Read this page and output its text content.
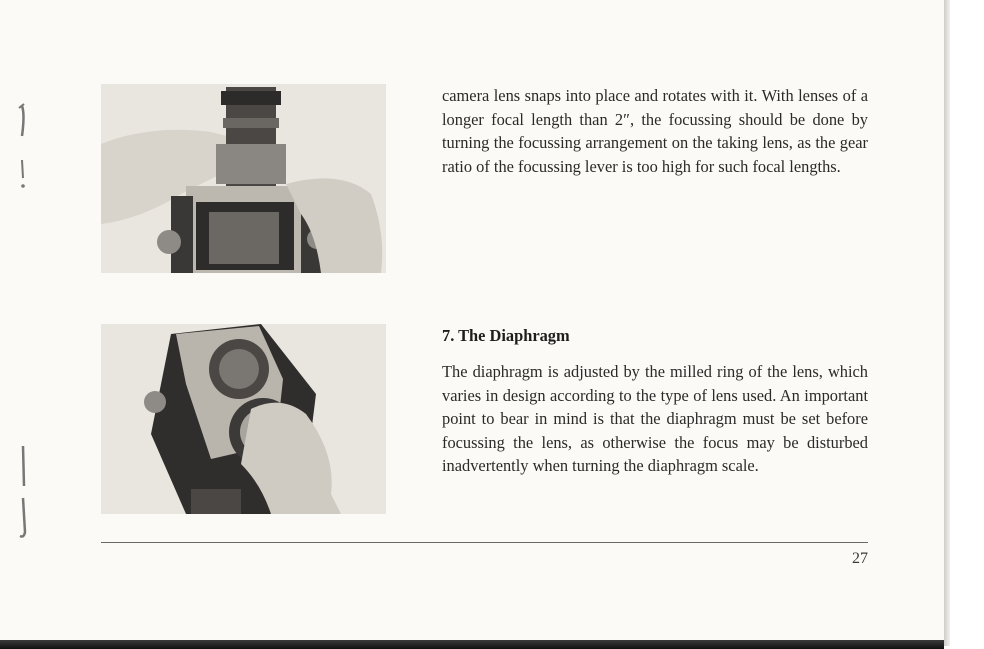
camera lens snaps into place and rotates with it. With lenses of a longer focal length than 2″, the focussing should be done by turning the focussing arrangement on the taking lens, as the gear ratio of the focussing lever is too high for such focal lengths.

7. The Diaphragm

The diaphragm is adjusted by the milled ring of the lens, which varies in design according to the type of lens used. An important point to bear in mind is that the diaphragm must be set before focussing the lens, as otherwise the focus may be disturbed inadvertently when turning the diaphragm scale.

27
